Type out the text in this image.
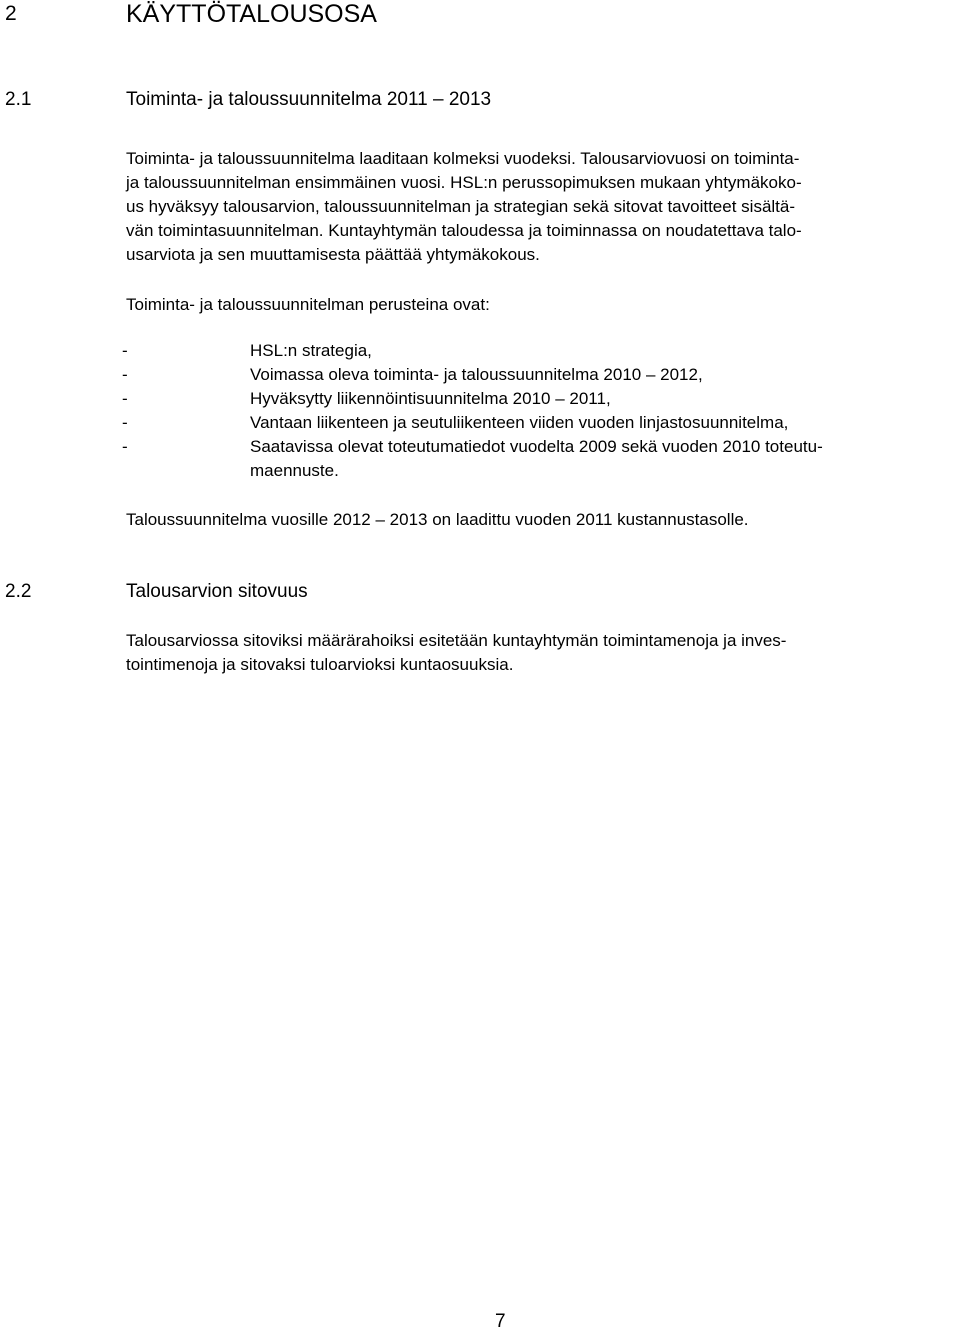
2	KÄYTTÖTALOUSOSA
2.1	Toiminta- ja taloussuunnitelma 2011 – 2013

Toiminta- ja taloussuunnitelma laaditaan kolmeksi vuodeksi. Talousarviovuosi on toiminta-
ja taloussuunnitelman ensimmäinen vuosi. HSL:n perussopimuksen mukaan yhtymäkoko-
us hyväksyy talousarvion, taloussuunnitelman ja strategian sekä sitovat tavoitteet sisältä-
vän toimintasuunnitelman. Kuntayhtymän taloudessa ja toiminnassa on noudatettava talo-
usarviota ja sen muuttamisesta päättää yhtymäkokous.

Toiminta- ja taloussuunnitelman perusteina ovat:

-	HSL:n strategia,
-	Voimassa oleva toiminta- ja taloussuunnitelma 2010 – 2012,
-	Hyväksytty liikennöintisuunnitelma 2010 – 2011,
-	Vantaan liikenteen ja seutuliikenteen viiden vuoden linjastosuunnitelma,
-	Saatavissa olevat toteutumatiedot vuodelta 2009 sekä vuoden 2010 toteutu-
maennuste.

Taloussuunnitelma vuosille 2012 – 2013 on laadittu vuoden 2011 kustannustasolle.

2.2	Talousarvion sitovuus

Talousarviossa sitoviksi määrärahoiksi esitetään kuntayhtymän toimintamenoja ja inves-
tointimenoja ja sitovaksi tuloarvioksi kuntaosuuksia.

7
